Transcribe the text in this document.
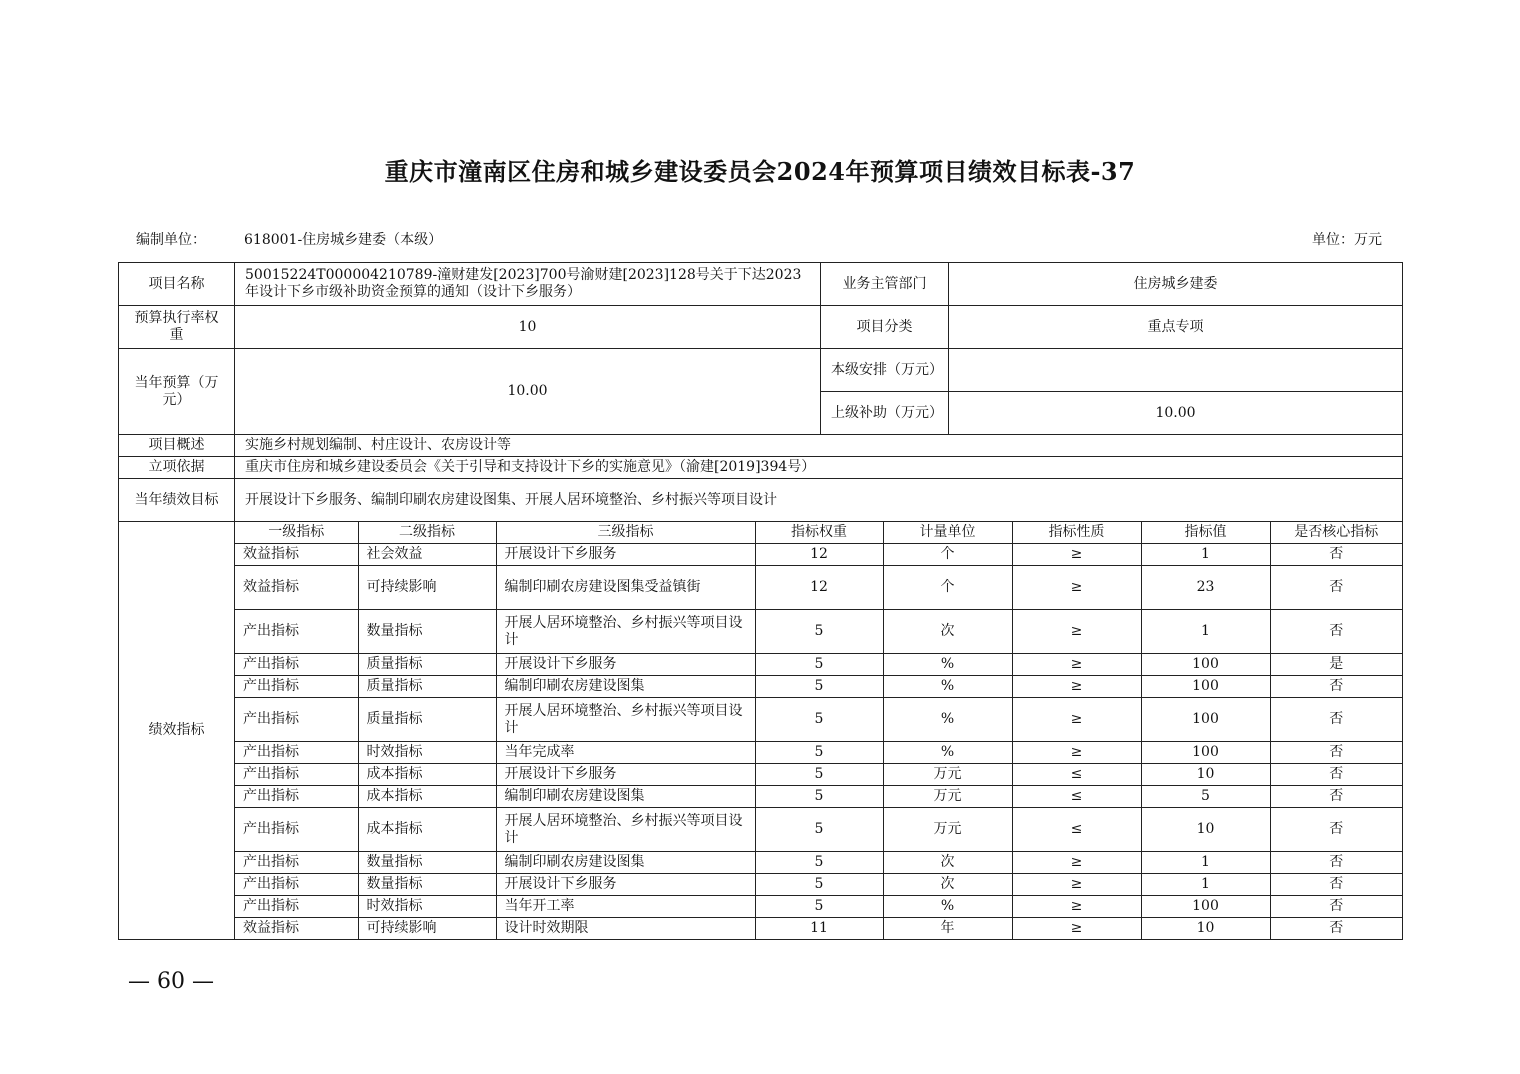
重庆市潼南区住房和城乡建设委员会2024年预算项目绩效目标表-37
编制单位：	618001-住房城乡建委（本级）	单位：万元
项目名称	50015224T000004210789-潼财建发[2023]700号渝财建[2023]128号关于下达2023年设计下乡市级补助资金预算的通知（设计下乡服务）	业务主管部门	住房城乡建委
预算执行率权重	10	项目分类	重点专项
当年预算（万元）	10.00	本级安排（万元）	
上级补助（万元）	10.00
项目概述	实施乡村规划编制、村庄设计、农房设计等
立项依据	重庆市住房和城乡建设委员会《关于引导和支持设计下乡的实施意见》（渝建[2019]394号）
当年绩效目标	开展设计下乡服务、编制印刷农房建设图集、开展人居环境整治、乡村振兴等项目设计
绩效指标	
一级指标	二级指标	三级指标	指标权重	计量单位	指标性质	指标值	是否核心指标
效益指标	社会效益	开展设计下乡服务	12	个	≥	1	否
效益指标	可持续影响	编制印刷农房建设图集受益镇街	12	个	≥	23	否
产出指标	数量指标	开展人居环境整治、乡村振兴等项目设计	5	次	≥	1	否
产出指标	质量指标	开展设计下乡服务	5	%	≥	100	是
产出指标	质量指标	编制印刷农房建设图集	5	%	≥	100	否
产出指标	质量指标	开展人居环境整治、乡村振兴等项目设计	5	%	≥	100	否
产出指标	时效指标	当年完成率	5	%	≥	100	否
产出指标	成本指标	开展设计下乡服务	5	万元	≤	10	否
产出指标	成本指标	编制印刷农房建设图集	5	万元	≤	5	否
产出指标	成本指标	开展人居环境整治、乡村振兴等项目设计	5	万元	≤	10	否
产出指标	数量指标	编制印刷农房建设图集	5	次	≥	1	否
产出指标	数量指标	开展设计下乡服务	5	次	≥	1	否
产出指标	时效指标	当年开工率	5	%	≥	100	否
效益指标	可持续影响	设计时效期限	11	年	≥	10	否
— 60 —
